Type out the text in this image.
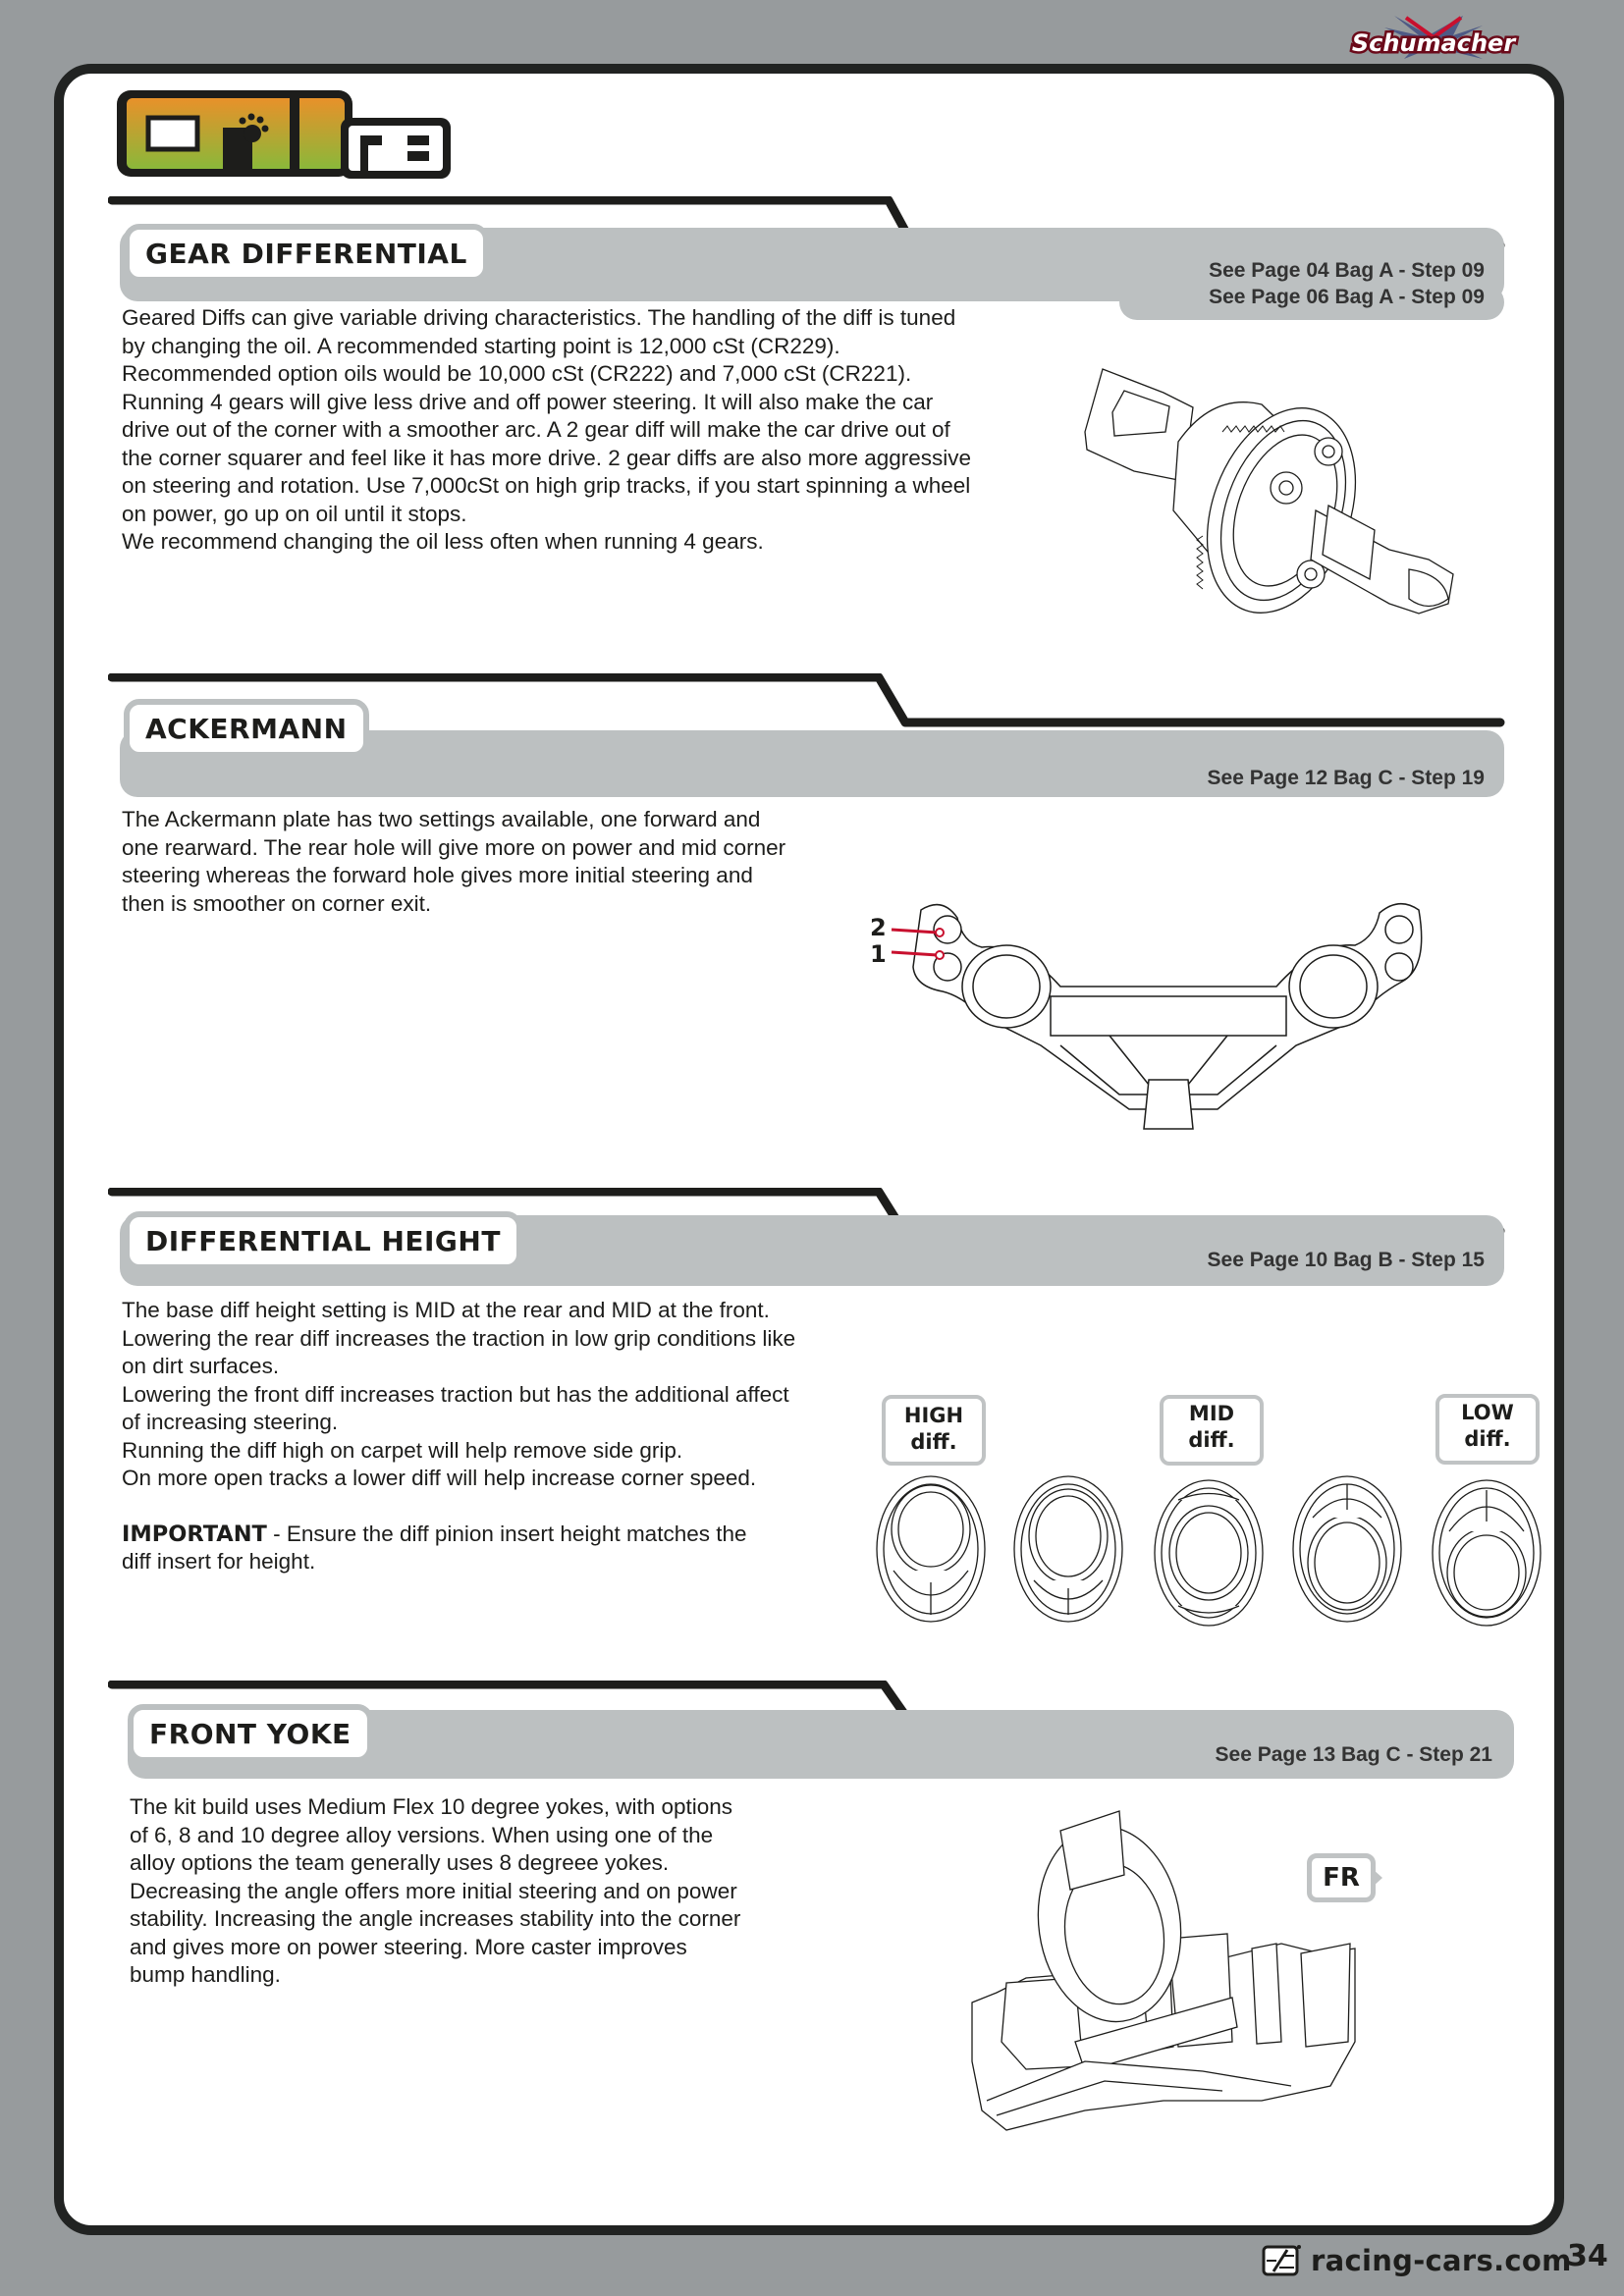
Schumacher
GEAR DIFFERENTIAL
See Page 04 Bag A - Step 09
See Page 06 Bag A - Step 09

Geared Diffs can give variable driving characteristics. The handling of the diff is tuned

by changing the oil. A recommended starting point is 12,000 cSt (CR229).

Recommended option oils would be 10,000 cSt (CR222) and 7,000 cSt (CR221).

Running 4 gears will give less drive and off power steering. It will also make the car

drive out of the corner with a smoother arc. A 2 gear diff will make the car drive out of

the corner squarer and feel like it has more drive. 2 gear diffs are also more aggressive

on steering and rotation. Use 7,000cSt on high grip tracks, if you start spinning a wheel

on power, go up on oil until it stops.

We recommend changing the oil less often when running 4 gears.

ACKERMANN
See Page 12 Bag C - Step 19

The Ackermann plate has two settings available, one forward and

one rearward. The rear hole will give more on power and mid corner

steering whereas the forward hole gives more initial steering and

then is smoother on corner exit.

2
1
DIFFERENTIAL HEIGHT
See Page 10 Bag B - Step 15

The base diff height setting is MID at the rear and MID at the front.

Lowering the rear diff increases the traction in low grip conditions like

on dirt surfaces.

Lowering the front diff increases traction but has the additional affect

of increasing steering.

Running the diff high on carpet will help remove side grip.

On more open tracks a lower diff will help increase corner speed.

IMPORTANT - Ensure the diff pinion insert height matches the

diff insert for height.

HIGH
diff.
MID
diff.
LOW
diff.
FRONT YOKE
See Page 13 Bag C - Step 21

The kit build uses Medium Flex 10 degree yokes, with options

of 6, 8 and 10 degree alloy versions. When using one of the

alloy options the team generally uses 8 degreee yokes.

Decreasing the angle offers more initial steering and on power

stability. Increasing the angle increases stability into the corner

and gives more on power steering. More caster improves

bump handling.

FR
racing-cars.com
34
